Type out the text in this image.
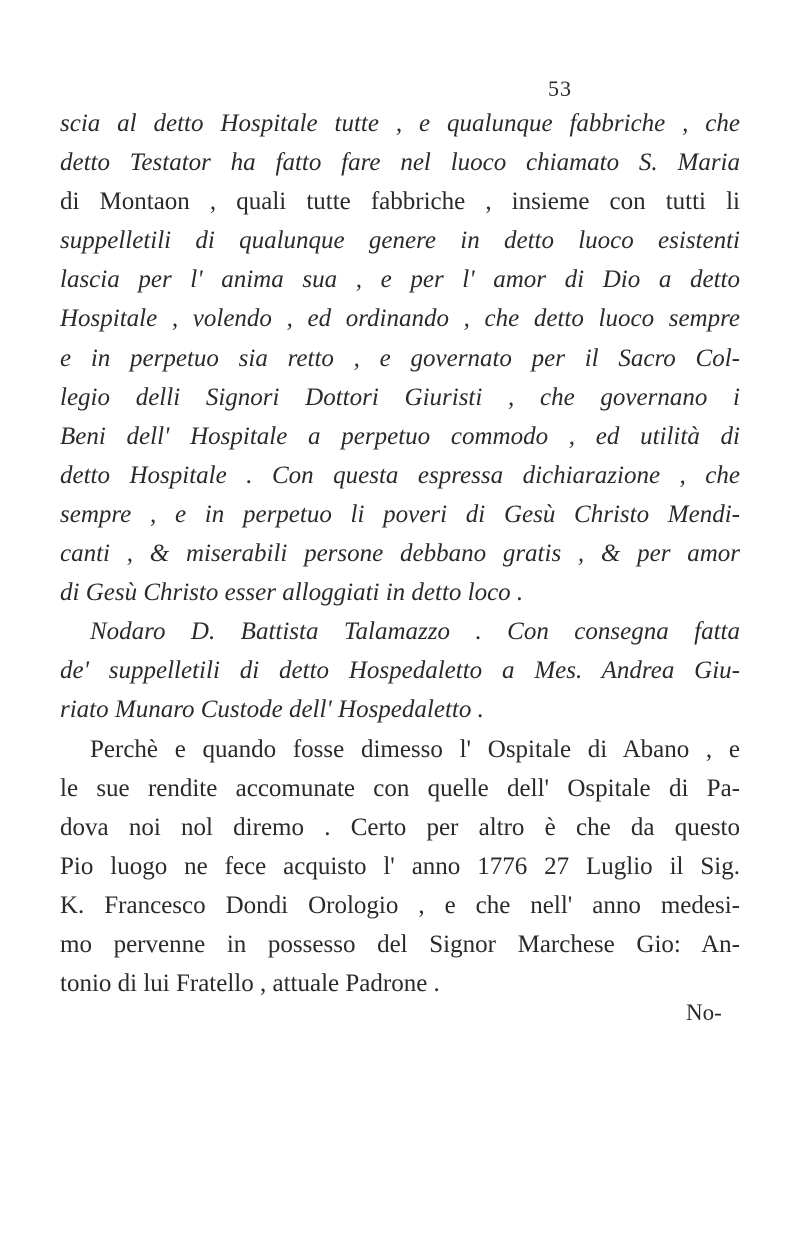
53
scia al detto Hospitale tutte , e qualunque fabbriche , che
detto Testator ha fatto fare nel luoco chiamato S. Maria
di Montaon , quali tutte fabbriche , insieme con tutti li
suppelletili di qualunque genere in detto luoco esistenti
lascia per l' anima sua , e per l' amor di Dio a detto
Hospitale , volendo , ed ordinando , che detto luoco sempre
e in perpetuo sia retto , e governato per il Sacro Col-
legio delli Signori Dottori Giuristi , che governano i
Beni dell' Hospitale a perpetuo commodo , ed utilità di
detto Hospitale . Con questa espressa dichiarazione , che
sempre , e in perpetuo li poveri di Gesù Christo Mendi-
canti , & miserabili persone debbano gratis , & per amor
di Gesù Christo esser alloggiati in detto loco .
Nodaro D. Battista Talamazzo . Con consegna fatta
de' suppelletili di detto Hospedaletto a Mes. Andrea Giu-
riato Munaro Custode dell' Hospedaletto .
Perchè e quando fosse dimesso l' Ospitale di Abano , e
le sue rendite accomunate con quelle dell' Ospitale di Pa-
dova noi nol diremo . Certo per altro è che da questo
Pio luogo ne fece acquisto l' anno 1776 27 Luglio il Sig.
K. Francesco Dondi Orologio , e che nell' anno medesi-
mo pervenne in possesso del Signor Marchese Gio: An-
tonio di lui Fratello , attuale Padrone .
No-
